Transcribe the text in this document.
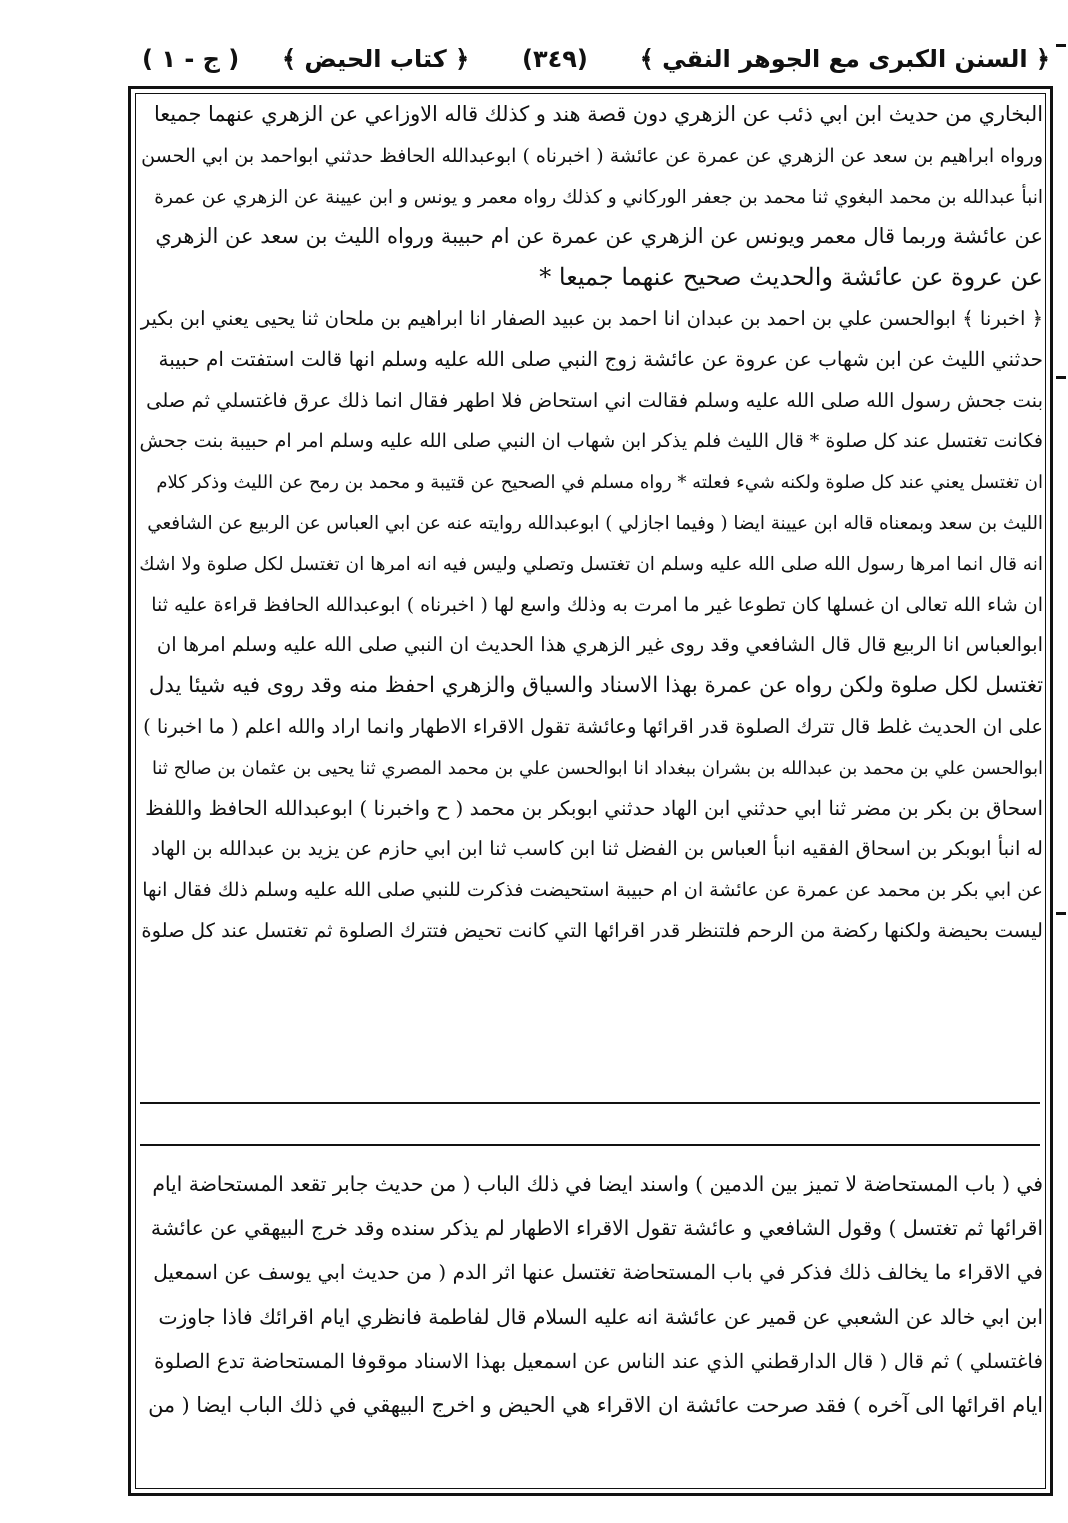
﴿ السنن الكبرى مع الجوهر النقي ﴾
(٣٤٩)
﴿ كتاب الحيض ﴾
( ج - ١ )
البخاري من حديث ابن ابي ذئب عن الزهري دون قصة هند و كذلك قاله الاوزاعي عن الزهري عنهما جميعا
ورواه ابراهيم بن سعد عن الزهري عن عمرة عن عائشة ( اخبرناه ) ابوعبدالله الحافظ حدثني ابواحمد بن ابي الحسن
انبأ عبدالله بن محمد البغوي ثنا محمد بن جعفر الوركاني و كذلك رواه معمر و يونس و ابن عيينة عن الزهري عن عمرة
عن عائشة وربما قال معمر ويونس عن الزهري عن عمرة عن ام حبيبة ورواه الليث بن سعد عن الزهري
عن عروة عن عائشة والحديث صحيح عنهما جميعا *
﴿ اخبرنا ﴾ ابوالحسن علي بن احمد بن عبدان انا احمد بن عبيد الصفار انا ابراهيم بن ملحان ثنا يحيى يعني ابن بكير
حدثني الليث عن ابن شهاب عن عروة عن عائشة زوج النبي صلى الله عليه وسلم انها قالت استفتت ام حبيبة
بنت جحش رسول الله صلى الله عليه وسلم فقالت اني استحاض فلا اطهر فقال انما ذلك عرق فاغتسلي ثم صلى
فكانت تغتسل عند كل صلوة * قال الليث فلم يذكر ابن شهاب ان النبي صلى الله عليه وسلم امر ام حبيبة بنت جحش
ان تغتسل يعني عند كل صلوة ولكنه شيء فعلته * رواه مسلم في الصحيح عن قتيبة و محمد بن رمح عن الليث وذكر كلام
الليث بن سعد وبمعناه قاله ابن عيينة ايضا ( وفيما اجازلي ) ابوعبدالله روايته عنه عن ابي العباس عن الربيع عن الشافعي
انه قال انما امرها رسول الله صلى الله عليه وسلم ان تغتسل وتصلي وليس فيه انه امرها ان تغتسل لكل صلوة ولا اشك
ان شاء الله تعالى ان غسلها كان تطوعا غير ما امرت به وذلك واسع لها ( اخبرناه ) ابوعبدالله الحافظ قراءة عليه ثنا
ابوالعباس انا الربيع قال قال الشافعي وقد روى غير الزهري هذا الحديث ان النبي صلى الله عليه وسلم امرها ان
تغتسل لكل صلوة ولكن رواه عن عمرة بهذا الاسناد والسياق والزهري احفظ منه وقد روى فيه شيئا يدل
على ان الحديث غلط قال تترك الصلوة قدر اقرائها وعائشة تقول الاقراء الاطهار وانما اراد والله اعلم ( ما اخبرنا )
ابوالحسن علي بن محمد بن عبدالله بن بشران ببغداد انا ابوالحسن علي بن محمد المصري ثنا يحيى بن عثمان بن صالح ثنا
اسحاق بن بكر بن مضر ثنا ابي حدثني ابن الهاد حدثني ابوبكر بن محمد ( ح واخبرنا ) ابوعبدالله الحافظ واللفظ
له انبأ ابوبكر بن اسحاق الفقيه انبأ العباس بن الفضل ثنا ابن كاسب ثنا ابن ابي حازم عن يزيد بن عبدالله بن الهاد
عن ابي بكر بن محمد عن عمرة عن عائشة ان ام حبيبة استحيضت فذكرت للنبي صلى الله عليه وسلم ذلك فقال انها
ليست بحيضة ولكنها ركضة من الرحم فلتنظر قدر اقرائها التي كانت تحيض فتترك الصلوة ثم تغتسل عند كل صلوة
في ( باب المستحاضة لا تميز بين الدمين ) واسند ايضا في ذلك الباب ( من حديث جابر تقعد المستحاضة ايام
اقرائها ثم تغتسل ) وقول الشافعي و عائشة تقول الاقراء الاطهار لم يذكر سنده وقد خرج البيهقي عن عائشة
في الاقراء ما يخالف ذلك فذكر في باب المستحاضة تغتسل عنها اثر الدم ( من حديث ابي يوسف عن اسمعيل
ابن ابي خالد عن الشعبي عن قمير عن عائشة انه عليه السلام قال لفاطمة فانظري ايام اقرائك فاذا جاوزت
فاغتسلي ) ثم قال ( قال الدارقطني الذي عند الناس عن اسمعيل بهذا الاسناد موقوفا المستحاضة تدع الصلوة
ايام اقرائها الى آخره ) فقد صرحت عائشة ان الاقراء هي الحيض و اخرج البيهقي في ذلك الباب ايضا ( من
